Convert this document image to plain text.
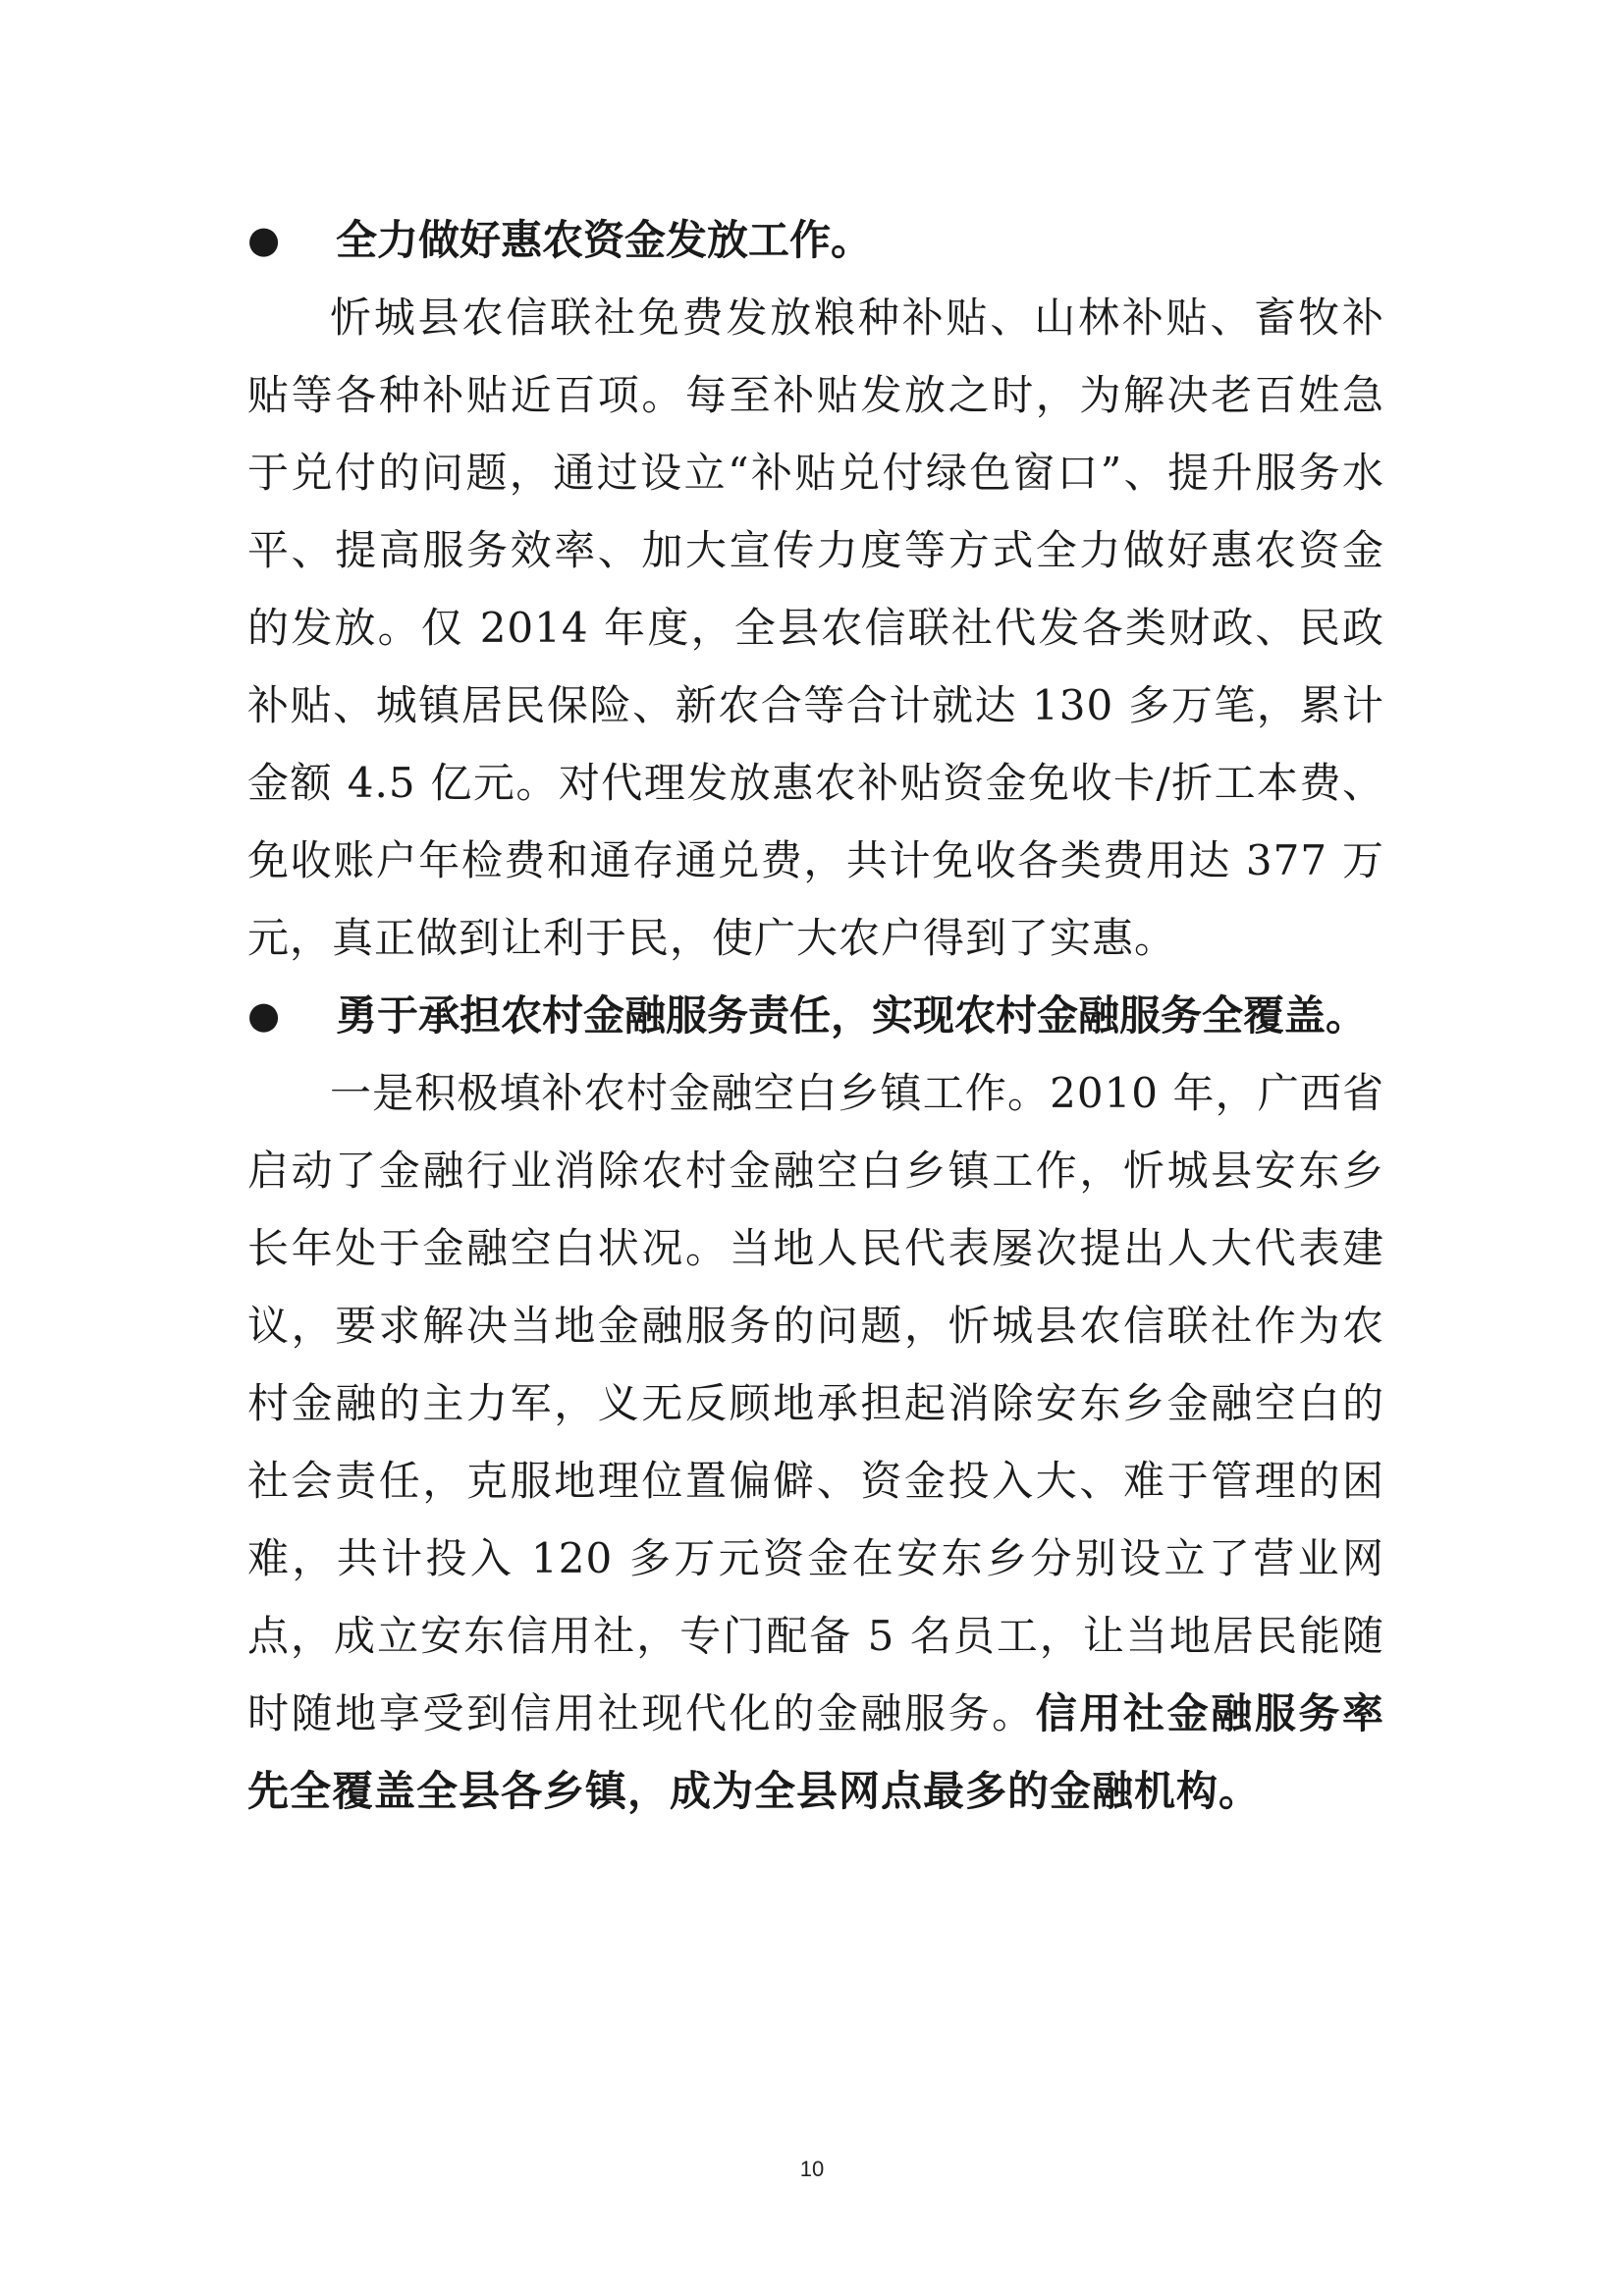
●	全力做好惠农资金发放工作。
忻城县农信联社免费发放粮种补贴、山林补贴、畜牧补贴等各种补贴近百项。每至补贴发放之时，为解决老百姓急于兑付的问题，通过设立“补贴兑付绿色窗口”、提升服务水平、提高服务效率、加大宣传力度等方式全力做好惠农资金的发放。仅 2014 年度，全县农信联社代发各类财政、民政补贴、城镇居民保险、新农合等合计就达 130 多万笔，累计金额 4.5 亿元。对代理发放惠农补贴资金免收卡/折工本费、免收账户年检费和通存通兑费，共计免收各类费用达 377 万元，真正做到让利于民，使广大农户得到了实惠。
●	勇于承担农村金融服务责任，实现农村金融服务全覆盖。
一是积极填补农村金融空白乡镇工作。2010 年，广西省启动了金融行业消除农村金融空白乡镇工作，忻城县安东乡长年处于金融空白状况。当地人民代表屡次提出人大代表建议，要求解决当地金融服务的问题，忻城县农信联社作为农村金融的主力军，义无反顾地承担起消除安东乡金融空白的社会责任，克服地理位置偏僻、资金投入大、难于管理的困难，共计投入 120 多万元资金在安东乡分别设立了营业网点，成立安东信用社，专门配备 5 名员工，让当地居民能随时随地享受到信用社现代化的金融服务。信用社金融服务率先全覆盖全县各乡镇，成为全县网点最多的金融机构。
10
